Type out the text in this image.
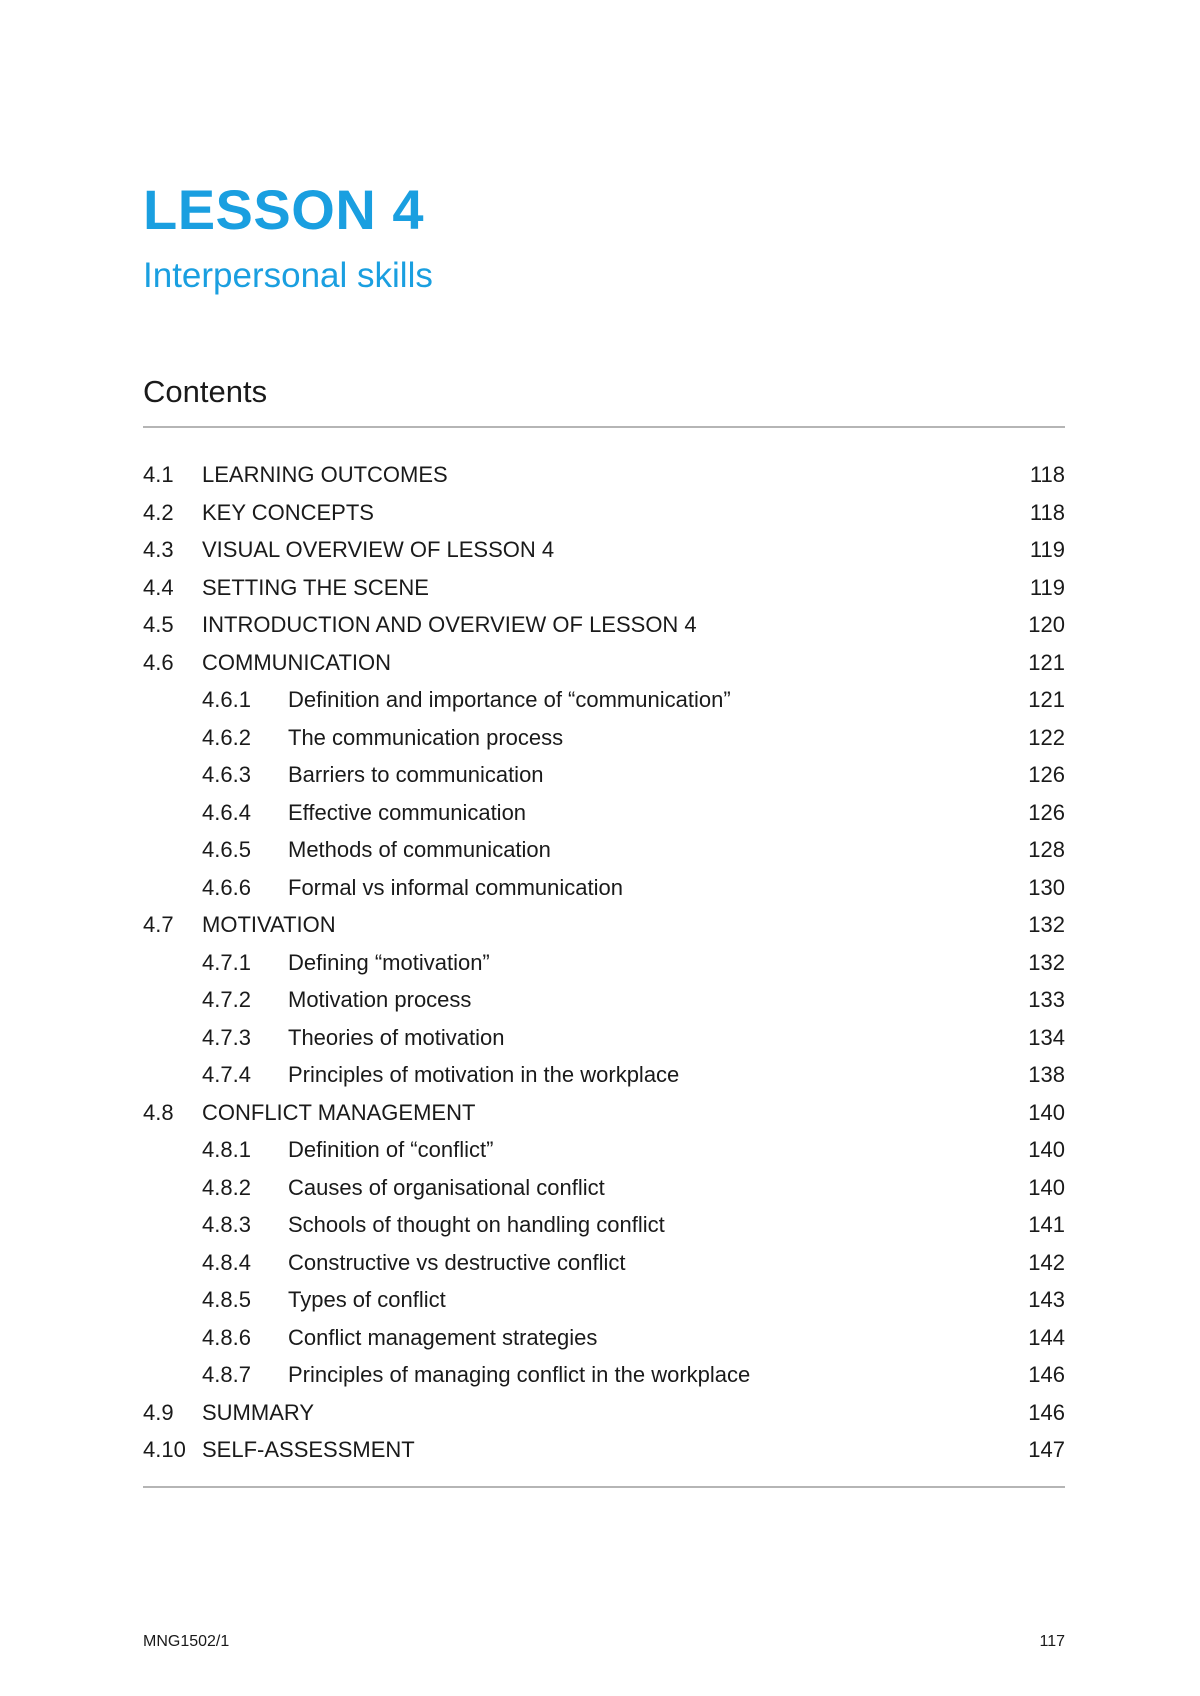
LESSON 4
Interpersonal skills
Contents
4.1 LEARNING OUTCOMES	118
4.2 KEY CONCEPTS	118
4.3 VISUAL OVERVIEW OF LESSON 4	119
4.4 SETTING THE SCENE	119
4.5 INTRODUCTION AND OVERVIEW OF LESSON 4	120
4.6 COMMUNICATION	121
4.6.1 Definition and importance of “communication”	121
4.6.2 The communication process	122
4.6.3 Barriers to communication	126
4.6.4 Effective communication	126
4.6.5 Methods of communication	128
4.6.6 Formal vs informal communication	130
4.7 MOTIVATION	132
4.7.1 Defining “motivation”	132
4.7.2 Motivation process	133
4.7.3 Theories of motivation	134
4.7.4 Principles of motivation in the workplace	138
4.8 CONFLICT MANAGEMENT	140
4.8.1 Definition of “conflict”	140
4.8.2 Causes of organisational conflict	140
4.8.3 Schools of thought on handling conflict	141
4.8.4 Constructive vs destructive conflict	142
4.8.5 Types of conflict	143
4.8.6 Conflict management strategies	144
4.8.7 Principles of managing conflict in the workplace	146
4.9 SUMMARY	146
4.10 SELF-ASSESSMENT	147
MNG1502/1	117
